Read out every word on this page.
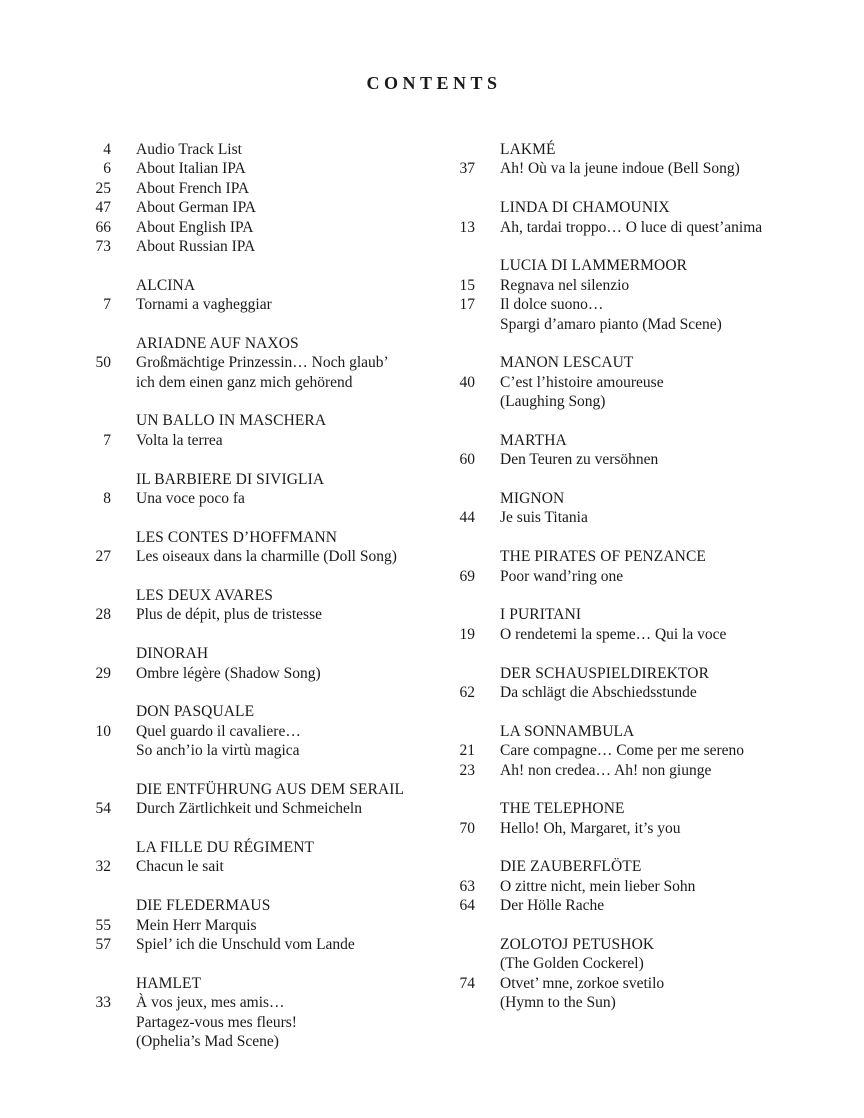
CONTENTS
4 Audio Track List
6 About Italian IPA
25 About French IPA
47 About German IPA
66 About English IPA
73 About Russian IPA
ALCINA
7 Tornami a vagheggiar
ARIADNE AUF NAXOS
50 Großmächtige Prinzessin… Noch glaub’
ich dem einen ganz mich gehörend
UN BALLO IN MASCHERA
7 Volta la terrea
IL BARBIERE DI SIVIGLIA
8 Una voce poco fa
LES CONTES D’HOFFMANN
27 Les oiseaux dans la charmille (Doll Song)
LES DEUX AVARES
28 Plus de dépit, plus de tristesse
DINORAH
29 Ombre légère (Shadow Song)
DON PASQUALE
10 Quel guardo il cavaliere…
So anch’io la virtù magica
DIE ENTFÜHRUNG AUS DEM SERAIL
54 Durch Zärtlichkeit und Schmeicheln
LA FILLE DU RÉGIMENT
32 Chacun le sait
DIE FLEDERMAUS
55 Mein Herr Marquis
57 Spiel’ ich die Unschuld vom Lande
HAMLET
33 À vos jeux, mes amis…
Partagez-vous mes fleurs!
(Ophelia’s Mad Scene)
LAKMÉ
37 Ah! Où va la jeune indoue (Bell Song)
LINDA DI CHAMOUNIX
13 Ah, tardai troppo… O luce di quest’anima
LUCIA DI LAMMERMOOR
15 Regnava nel silenzio
17 Il dolce suono…
Spargi d’amaro pianto (Mad Scene)
MANON LESCAUT
40 C’est l’histoire amoureuse
(Laughing Song)
MARTHA
60 Den Teuren zu versöhnen
MIGNON
44 Je suis Titania
THE PIRATES OF PENZANCE
69 Poor wand’ring one
I PURITANI
19 O rendetemi la speme… Qui la voce
DER SCHAUSPIELDIREKTOR
62 Da schlägt die Abschiedsstunde
LA SONNAMBULA
21 Care compagne… Come per me sereno
23 Ah! non credea… Ah! non giunge
THE TELEPHONE
70 Hello! Oh, Margaret, it’s you
DIE ZAUBERFLÖTE
63 O zittre nicht, mein lieber Sohn
64 Der Hölle Rache
ZOLOTOJ PETUSHOK
(The Golden Cockerel)
74 Otvet’ mne, zorkoe svetilo
(Hymn to the Sun)
